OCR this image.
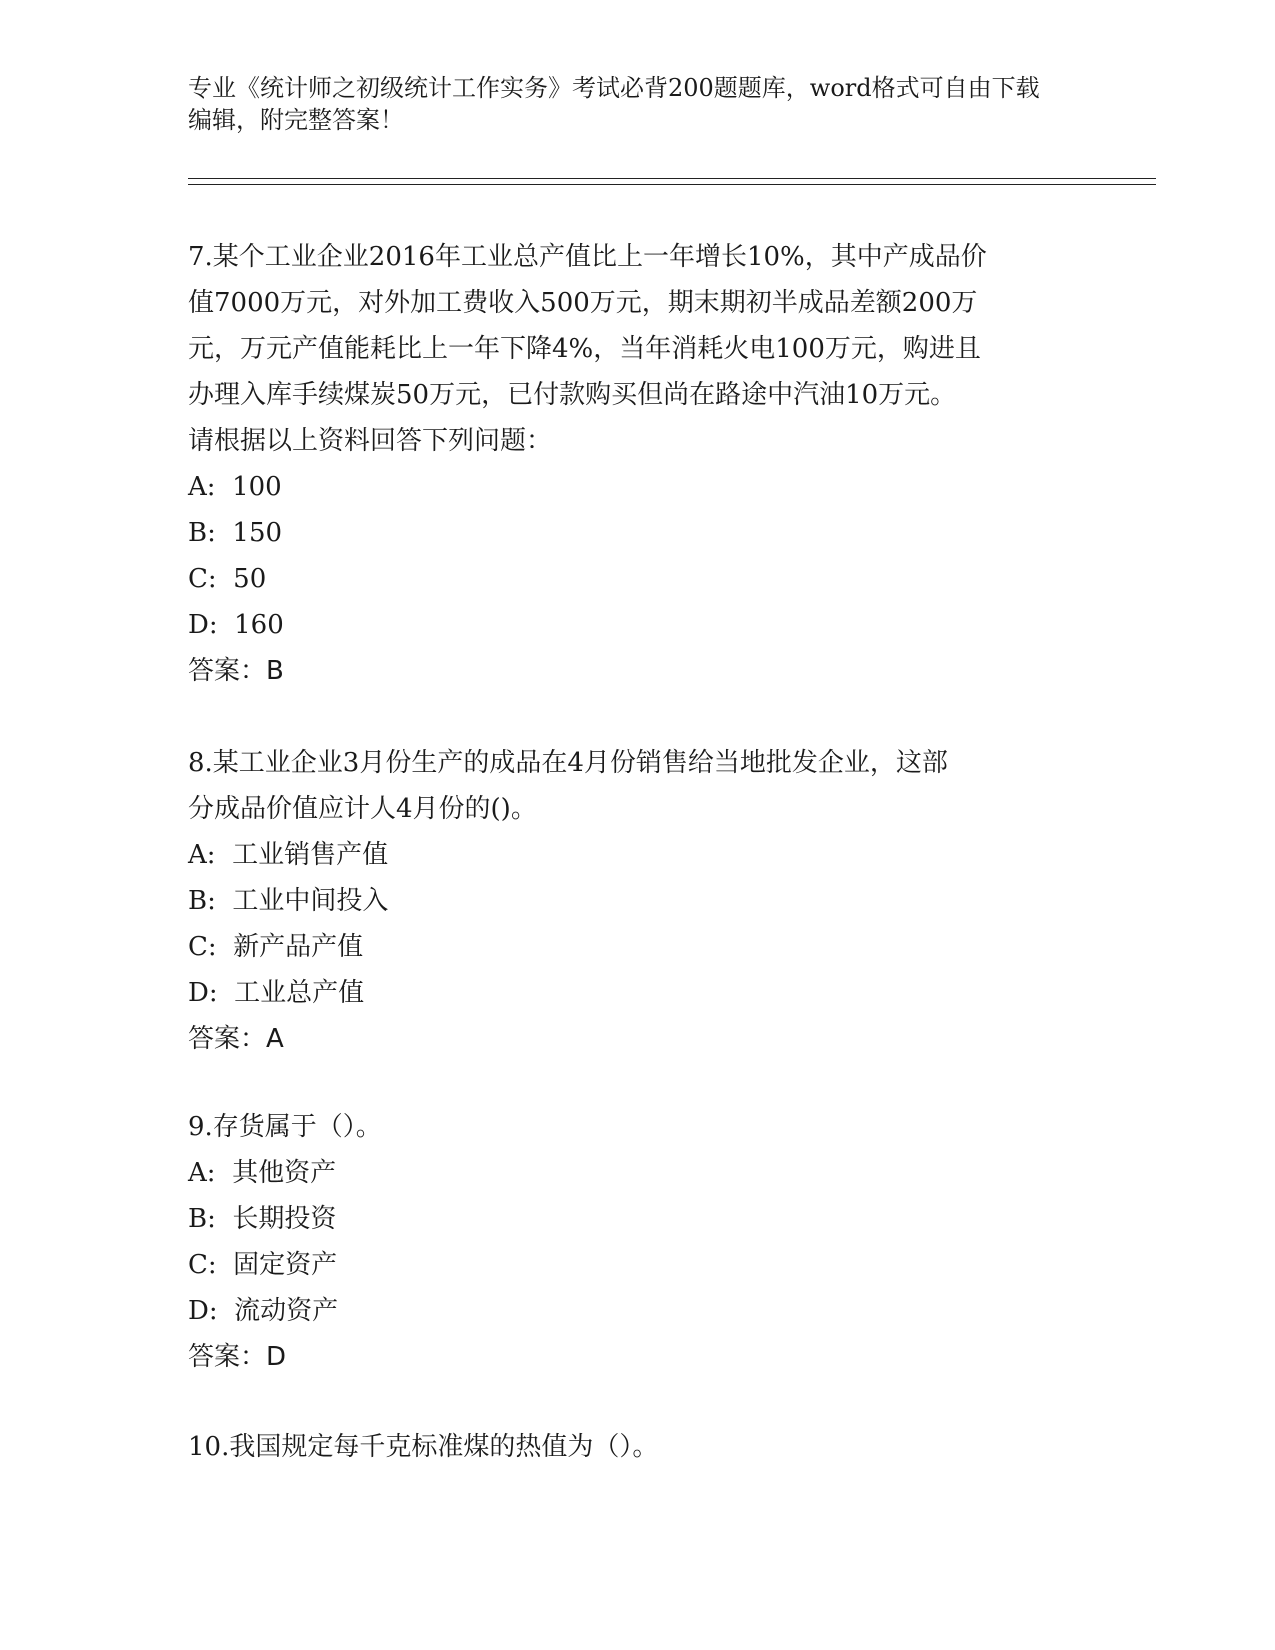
专业《统计师之初级统计工作实务》考试必背200题题库，word格式可自由下载
编辑，附完整答案！

7.某个工业企业2016年工业总产值比上一年增长10%，其中产成品价

值7000万元，对外加工费收入500万元，期末期初半成品差额200万

元，万元产值能耗比上一年下降4%，当年消耗火电100万元，购进且

办理入库手续煤炭50万元，已付款购买但尚在路途中汽油10万元。

请根据以上资料回答下列问题：

A:  100

B:  150

C:  50

D:  160

答案：B

8.某工业企业3月份生产的成品在4月份销售给当地批发企业，这部

分成品价值应计人4月份的()。

A:  工业销售产值

B:  工业中间投入

C:  新产品产值

D:  工业总产值

答案：A

9.存货属于（）。

A:  其他资产

B:  长期投资

C:  固定资产

D:  流动资产

答案：D

10.我国规定每千克标准煤的热值为（）。
